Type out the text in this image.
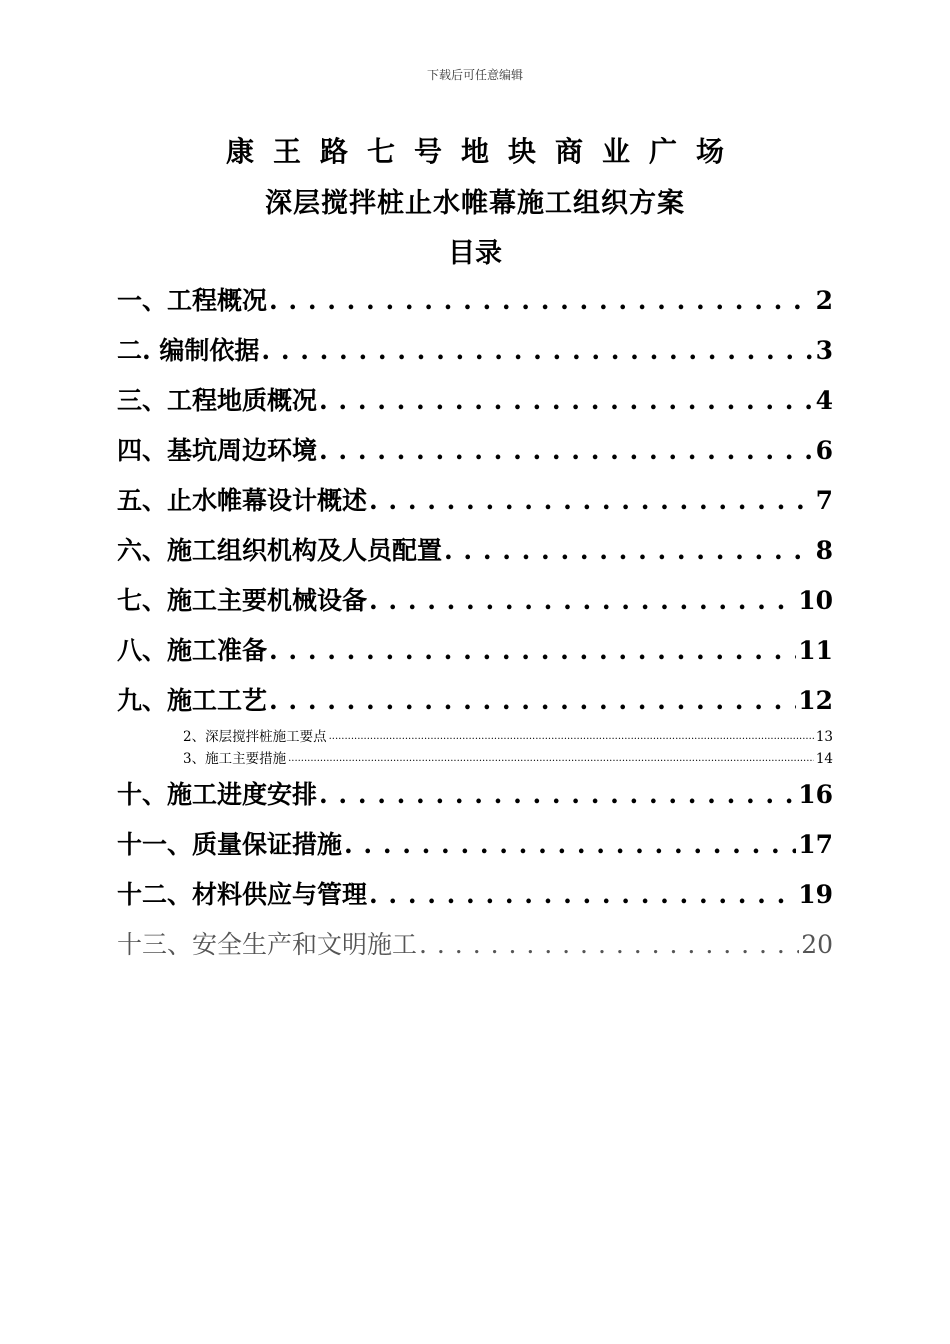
下载后可任意编辑
康王路七号地块商业广场
深层搅拌桩止水帷幕施工组织方案
目录
一、工程概况 . . .	2
二. 编制依据 . . .	3
三、工程地质概况 . . .	4
四、基坑周边环境 . . .	6
五、止水帷幕设计概述 . . .	7
六、施工组织机构及人员配置 . . .	8
七、施工主要机械设备 . . .	10
八、施工准备 . . .	11
九、施工工艺 . . .	12
2、深层搅拌桩施工要点 .....	13
3、施工主要措施 .....	14
十、施工进度安排 . . .	16
十一、质量保证措施 . . .	17
十二、材料供应与管理 . . .	19
十三、安全生产和文明施工 . . .	20
